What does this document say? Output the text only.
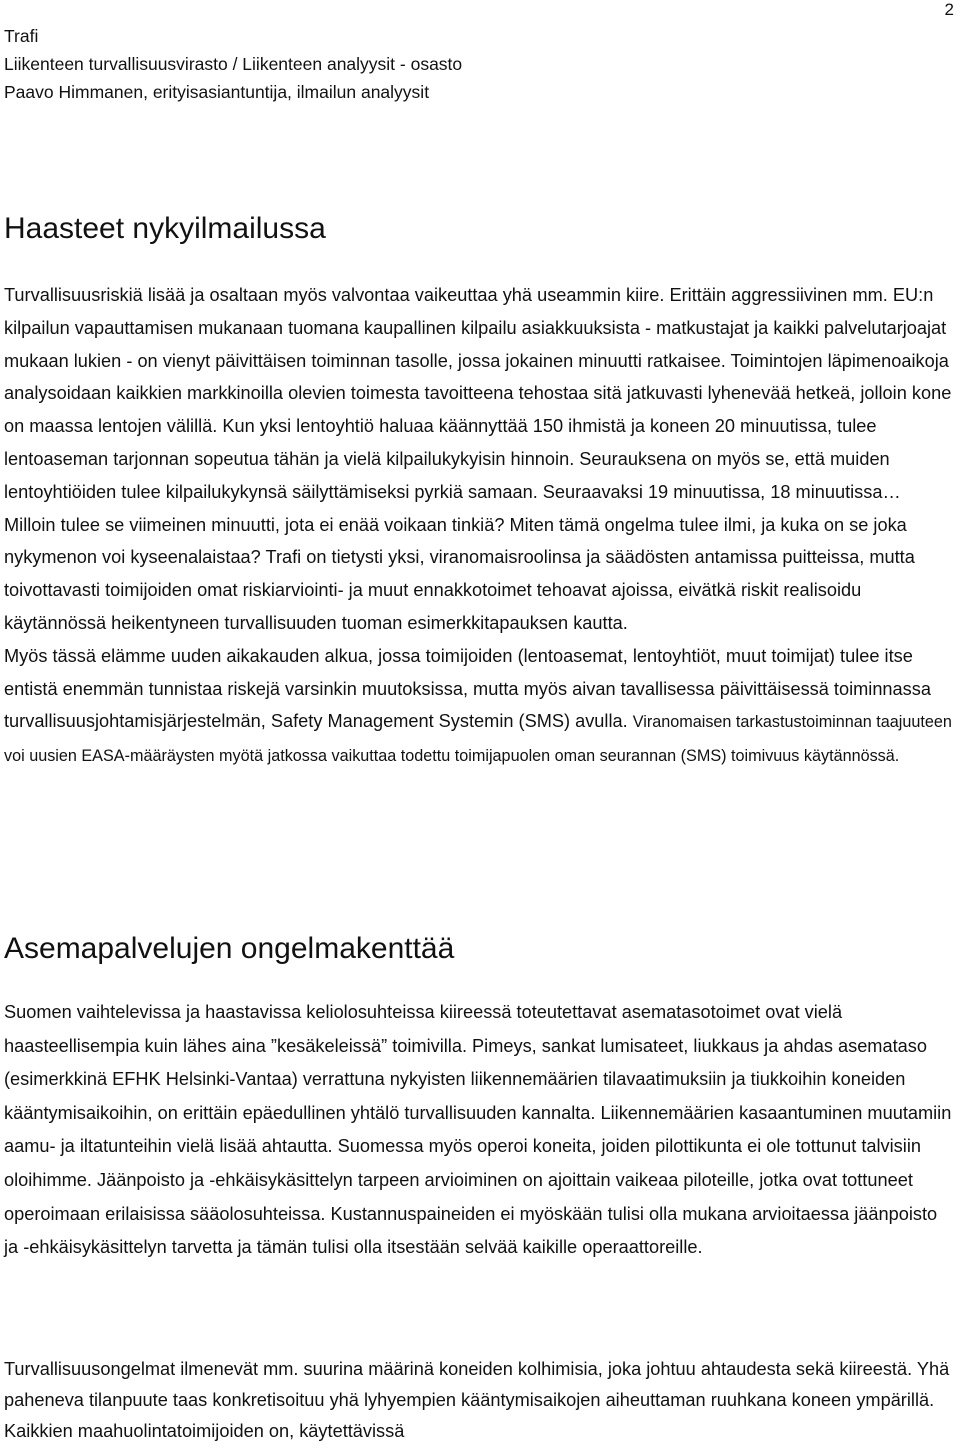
Trafi
Liikenteen turvallisuusvirasto / Liikenteen analyysit - osasto
Paavo Himmanen, erityisasiantuntija, ilmailun analyysit
2
Haasteet nykyilmailussa
Turvallisuusriskiä lisää ja osaltaan myös valvontaa vaikeuttaa yhä useammin kiire. Erittäin aggressiivinen mm. EU:n kilpailun vapauttamisen mukanaan tuomana kaupallinen kilpailu asiakkuuksista - matkustajat ja kaikki palvelutarjoajat mukaan lukien - on vienyt päivittäisen toiminnan tasolle, jossa jokainen minuutti ratkaisee. Toimintojen läpimenoaikoja analysoidaan kaikkien markkinoilla olevien toimesta tavoitteena tehostaa sitä jatkuvasti lyhenevää hetkeä, jolloin kone on maassa lentojen välillä. Kun yksi lentoyhtiö haluaa käännyttää 150 ihmistä ja koneen 20 minuutissa, tulee lentoaseman tarjonnan sopeutua tähän ja vielä kilpailukykyisin hinnoin. Seurauksena on myös se, että muiden lentoyhtiöiden tulee kilpailukykynsä säilyttämiseksi pyrkiä samaan. Seuraavaksi 19 minuutissa, 18 minuutissa…
Milloin tulee se viimeinen minuutti, jota ei enää voikaan tinkiä? Miten tämä ongelma tulee ilmi, ja kuka on se joka nykymenon voi kyseenalaistaa? Trafi on tietysti yksi, viranomaisroolinsa ja säädösten antamissa puitteissa, mutta toivottavasti toimijoiden omat riskiarviointi- ja muut ennakkotoimet tehoavat ajoissa, eivätkä riskit realisoidu käytännössä heikentyneen turvallisuuden tuoman esimerkkitapauksen kautta.
Myös tässä elämme uuden aikakauden alkua, jossa toimijoiden (lentoasemat, lentoyhtiöt, muut toimijat) tulee itse entistä enemmän tunnistaa riskejä varsinkin muutoksissa, mutta myös aivan tavallisessa päivittäisessä toiminnassa turvallisuusjohtamisjärjestelmän, Safety Management Systemin (SMS) avulla. Viranomaisen tarkastustoiminnan taajuuteen voi uusien EASA-määräysten myötä jatkossa vaikuttaa todettu toimijapuolen oman seurannan (SMS) toimivuus käytännössä.
Asemapalvelujen ongelmakenttää
Suomen vaihtelevissa ja haastavissa keliolosuhteissa kiireessä toteutettavat asematasotoimet ovat vielä haasteellisempia kuin lähes aina ”kesäkeleissä” toimivilla. Pimeys, sankat lumisateet, liukkaus ja ahdas asemataso (esimerkkinä EFHK Helsinki-Vantaa) verrattuna nykyisten liikennemäärien tilavaatimuksiin ja tiukkoihin koneiden kääntymisaikoihin, on erittäin epäedullinen yhtälö turvallisuuden kannalta. Liikennemäärien kasaantuminen muutamiin aamu- ja iltatunteihin vielä lisää ahtautta. Suomessa myös operoi koneita, joiden pilottikunta ei ole tottunut talvisiin oloihimme. Jäänpoisto ja -ehkäisykäsittelyn tarpeen arvioiminen on ajoittain vaikeaa piloteille, jotka ovat tottuneet operoimaan erilaisissa sääolosuhteissa. Kustannuspaineiden ei myöskään tulisi olla mukana arvioitaessa jäänpoisto ja -ehkäisykäsittelyn tarvetta ja tämän tulisi olla itsestään selvää kaikille operaattoreille.
Turvallisuusongelmat ilmenevät mm. suurina määrinä koneiden kolhimisia, joka johtuu ahtaudesta sekä kiireestä. Yhä paheneva tilanpuute taas konkretisoituu yhä lyhyempien kääntymisaikojen aiheuttaman ruuhkana koneen ympärillä. Kaikkien maahuolintatoimijoiden on, käytettävissä
